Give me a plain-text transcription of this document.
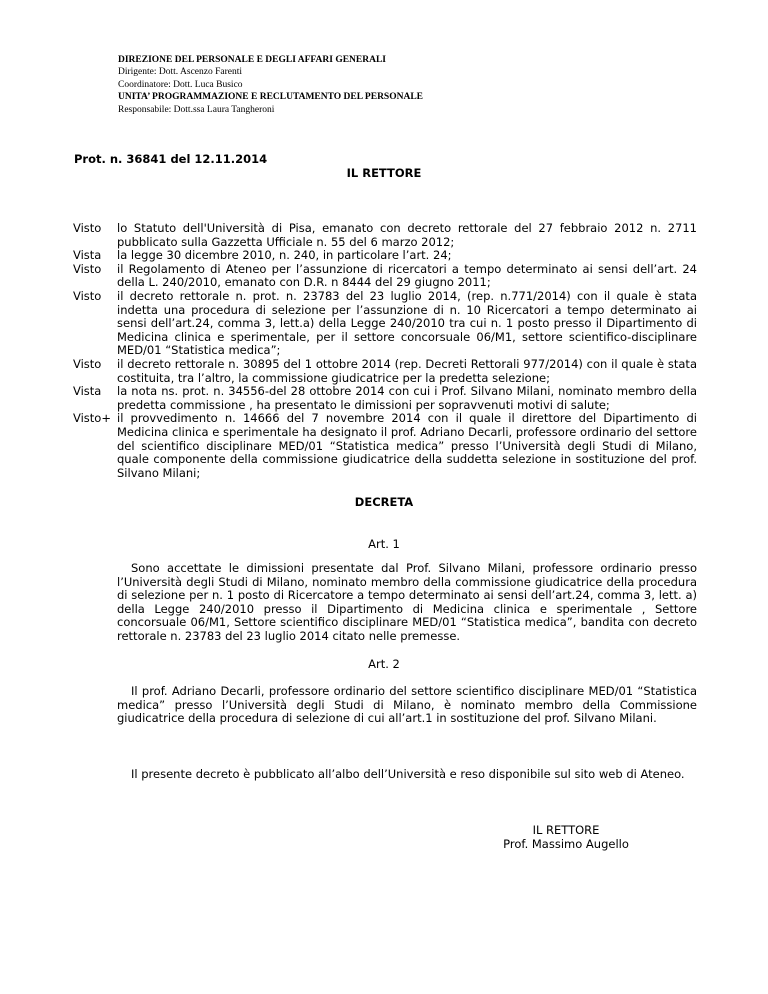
DIREZIONE DEL PERSONALE E DEGLI AFFARI GENERALI
Dirigente: Dott. Ascenzo Farenti
Coordinatore: Dott. Luca Busico
UNITA’ PROGRAMMAZIONE E RECLUTAMENTO DEL PERSONALE
Responsabile: Dott.ssa Laura Tangheroni
Prot. n. 36841 del 12.11.2014
IL RETTORE
Visto	lo Statuto dell'Università di Pisa, emanato con decreto rettorale del 27 febbraio 2012 n. 2711 pubblicato sulla Gazzetta Ufficiale n. 55 del 6 marzo 2012;
Vista	la legge 30 dicembre 2010, n. 240, in particolare l’art. 24;
Visto	il Regolamento di Ateneo per l’assunzione di ricercatori a tempo determinato ai sensi dell’art. 24 della L. 240/2010, emanato con D.R. n 8444 del 29 giugno 2011;
Visto	il decreto rettorale n. prot. n. 23783 del 23 luglio 2014, (rep. n.771/2014) con il quale è stata indetta una procedura di selezione per l’assunzione di n. 10 Ricercatori a tempo determinato ai sensi dell’art.24, comma 3, lett.a) della Legge 240/2010 tra cui n. 1 posto presso il Dipartimento di Medicina clinica e sperimentale, per il settore concorsuale 06/M1, settore scientifico-disciplinare MED/01 “Statistica medica”;
Visto	il decreto rettorale n. 30895 del 1 ottobre 2014 (rep. Decreti Rettorali 977/2014) con il quale è stata costituita, tra l’altro, la commissione giudicatrice per la predetta selezione;
Vista	la nota ns. prot. n. 34556-del 28 ottobre 2014 con cui i Prof. Silvano Milani, nominato membro della predetta commissione , ha presentato le dimissioni per sopravvenuti motivi di salute;
Visto+ il provvedimento n. 14666 del 7 novembre 2014 con il quale il direttore del Dipartimento di Medicina clinica e sperimentale ha designato il prof. Adriano Decarli, professore ordinario del settore del scientifico disciplinare MED/01 “Statistica medica” presso l’Università degli Studi di Milano, quale componente della commissione giudicatrice della suddetta selezione in sostituzione del prof. Silvano Milani;
DECRETA
Art. 1
Sono accettate le dimissioni presentate dal Prof. Silvano Milani, professore ordinario presso l’Università degli Studi di Milano, nominato membro della commissione giudicatrice della procedura di selezione per n. 1 posto di Ricercatore a tempo determinato ai sensi dell’art.24, comma 3, lett. a) della Legge 240/2010 presso il Dipartimento di Medicina clinica e sperimentale , Settore concorsuale 06/M1, Settore scientifico disciplinare MED/01 “Statistica medica”, bandita con decreto rettorale n. 23783 del 23 luglio 2014 citato nelle premesse.
Art. 2
Il prof. Adriano Decarli, professore ordinario del settore scientifico disciplinare MED/01 “Statistica medica” presso l’Università degli Studi di Milano, è nominato membro della Commissione giudicatrice della procedura di selezione di cui all’art.1 in sostituzione del prof. Silvano Milani.
Il presente decreto è pubblicato all’albo dell’Università e reso disponibile sul sito web di Ateneo.
IL RETTORE
Prof. Massimo Augello
